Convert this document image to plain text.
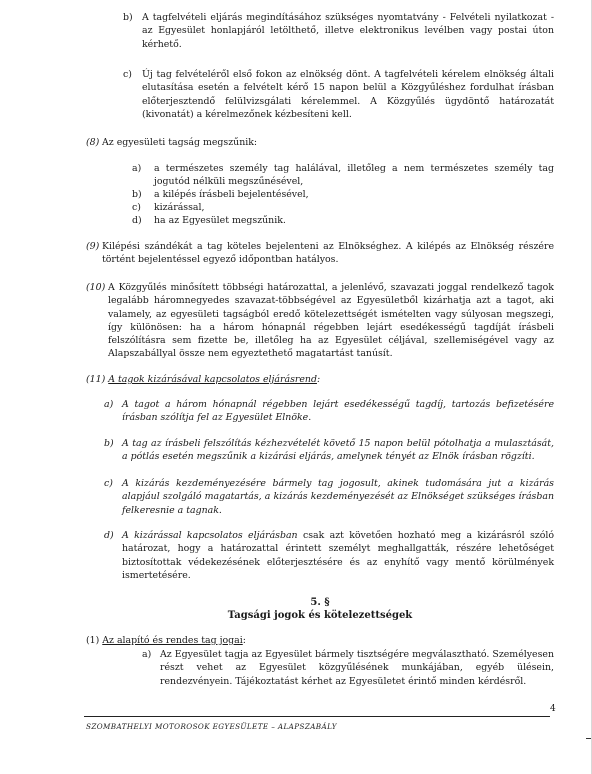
b) A tagfelvételi eljárás megindításához szükséges nyomtatvány - Felvételi nyilatkozat - az Egyesület honlapjáról letölthető, illetve elektronikus levélben vagy postai úton kérhető.
c) Új tag felvételéről első fokon az elnökség dönt. A tagfelvételi kérelem elnökség általi elutasítása esetén a felvételt kérő 15 napon belül a Közgyűléshez fordulhat írásban előterjesztendő felülvizsgálati kérelemmel. A Közgyűlés ügydöntő határozatát (kivonatát) a kérelmezőnek kézbesíteni kell.
(8) Az egyesületi tagság megszűnik:
a) a természetes személy tag halálával, illetőleg a nem természetes személy tag jogutód nélküli megszűnésével,
b) a kilépés írásbeli bejelentésével,
c) kizárással,
d) ha az Egyesület megszűnik.
(9) Kilépési szándékát a tag köteles bejelenteni az Elnökséghez. A kilépés az Elnökség részére történt bejelentéssel egyező időpontban hatályos.
(10) A Közgyűlés minősített többségi határozattal, a jelenlévő, szavazati joggal rendelkező tagok legalább háromnegyedes szavazat-többségével az Egyesületből kizárhatja azt a tagot, aki valamely, az egyesületi tagságból eredő kötelezettségét ismételten vagy súlyosan megszegi, így különösen: ha a három hónapnál régebben lejárt esedékességű tagdíját írásbeli felszólításra sem fizette be, illetőleg ha az Egyesület céljával, szellemiségével vagy az Alapszabállyal össze nem egyeztethető magatartást tanúsít.
(11) A tagok kizárásával kapcsolatos eljárásrend:
a) A tagot a három hónapnál régebben lejárt esedékességű tagdíj, tartozás befizetésére írásban szólítja fel az Egyesület Elnöke.
b) A tag az írásbeli felszólítás kézhezvételét követő 15 napon belül pótolhatja a mulasztását, a pótlás esetén megszűnik a kizárási eljárás, amelynek tényét az Elnök írásban rögzíti.
c) A kizárás kezdeményezésére bármely tag jogosult, akinek tudomására jut a kizárás alapjául szolgáló magatartás, a kizárás kezdeményezését az Elnökséget szükséges írásban felkeresnie a tagnak.
d) A kizárással kapcsolatos eljárásban csak azt követően hozható meg a kizárásról szóló határozat, hogy a határozattal érintett személyt meghallgatták, részére lehetőséget biztosítottak védekezésének előterjesztésére és az enyhítő vagy mentő körülmények ismertetésére.
5. §
Tagsági jogok és kötelezettségek
(1) Az alapító és rendes tag jogai:
a) Az Egyesület tagja az Egyesület bármely tisztségére megválasztható. Személyesen részt vehet az Egyesület közgyűlésének munkájában, egyéb ülésein, rendezvényein. Tájékoztatást kérhet az Egyesületet érintő minden kérdésről.
4
SZOMBATHELYI MOTOROSOK EGYESÜLETE – ALAPSZABÁLY
